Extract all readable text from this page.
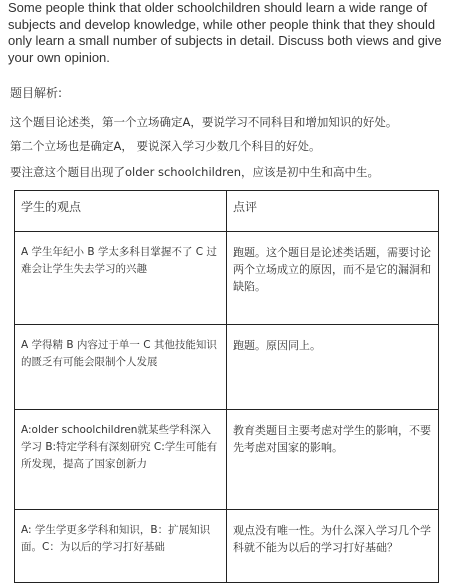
Some people think that older schoolchildren should learn a wide range of subjects and develop knowledge, while other people think that they should only learn a small number of subjects in detail. Discuss both views and give your own opinion.

题目解析:

这个题目论述类，第一个立场确定A，要说学习不同科目和增加知识的好处。

第二个立场也是确定A， 要说深入学习少数几个科目的好处。

要注意这个题目出现了older schoolchildren，应该是初中生和高中生。

学生的观点	点评

A 学生年纪小 B 学太多科目掌握不了 C 过难会让学生失去学习的兴趣	跑题。这个题目是论述类话题，需要讨论两个立场成立的原因，而不是它的漏洞和缺陷。

A 学得精 B 内容过于单一 C 其他技能知识的匮乏有可能会限制个人发展	跑题。原因同上。

A:older schoolchildren就某些学科深入学习 B:特定学科有深刻研究 C:学生可能有所发现，提高了国家创新力	教育类题目主要考虑对学生的影响，不要先考虑对国家的影响。

A: 学生学更多学科和知识，B：扩展知识面。C：为以后的学习打好基础	观点没有唯一性。为什么深入学习几个学科就不能为以后的学习打好基础？
